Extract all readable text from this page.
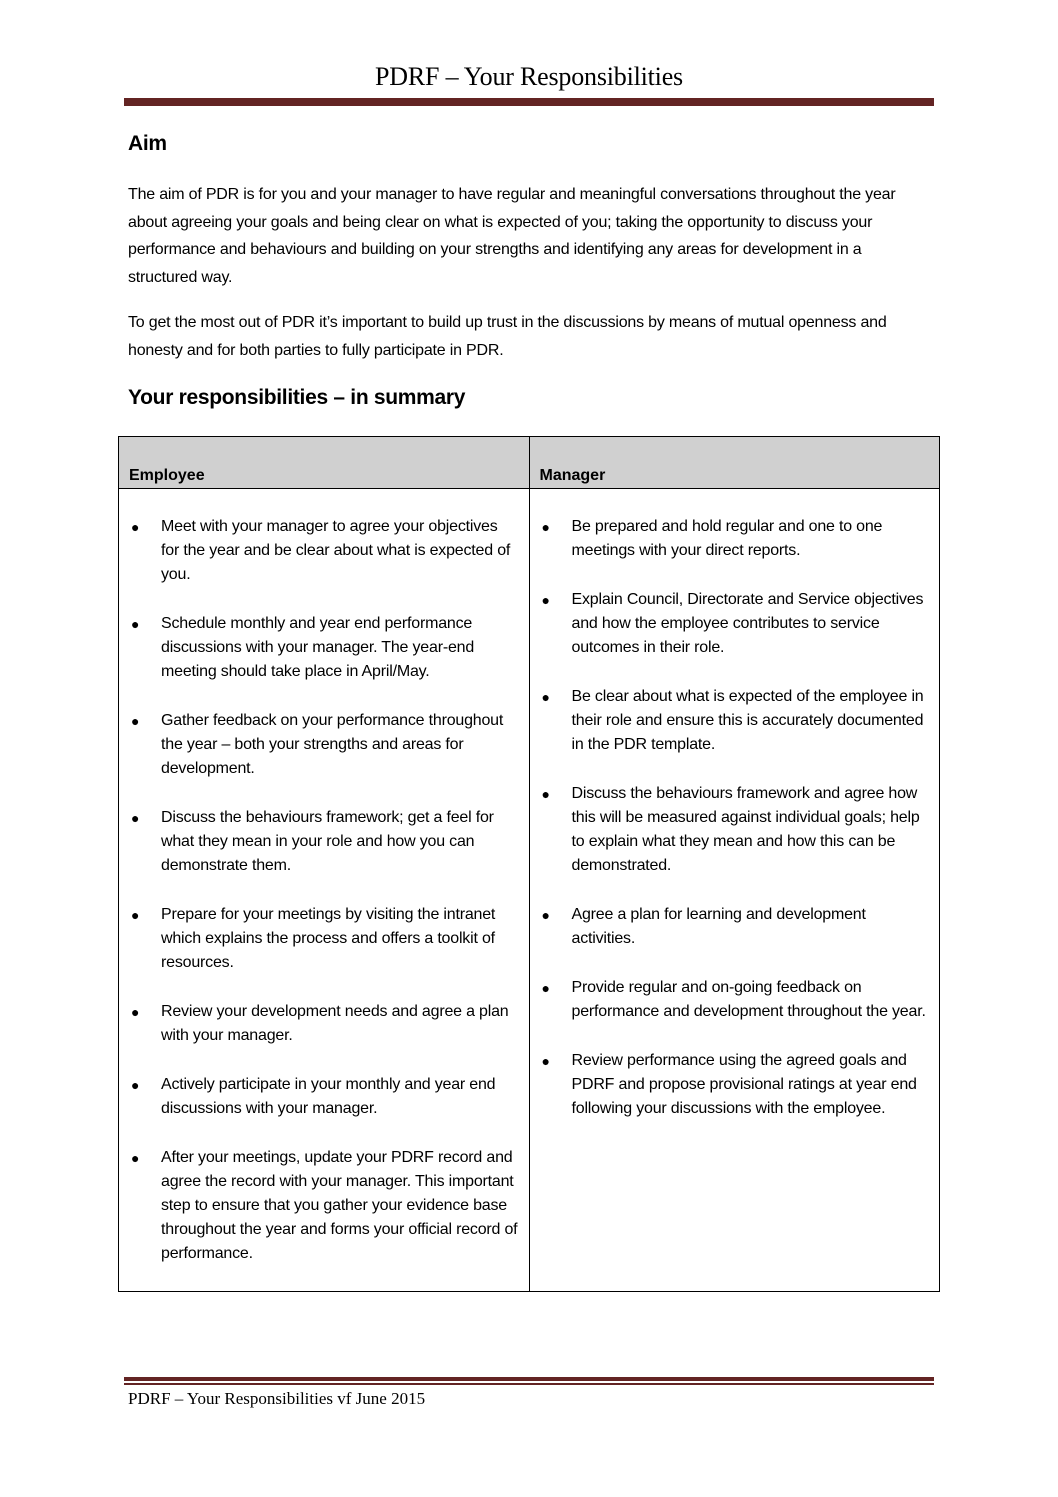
PDRF – Your Responsibilities
Aim
The aim of PDR is for you and your manager to have regular and meaningful conversations throughout the year about agreeing your goals and being clear on what is expected of you; taking the opportunity to discuss your performance and behaviours and building on your strengths and identifying any areas for development in a structured way.
To get the most out of PDR it’s important to build up trust in the discussions by means of mutual openness and honesty and for both parties to fully participate in PDR.
Your responsibilities – in summary
Employee	Manager

● Meet with your manager to agree your objectives for the year and be clear about what is expected of you.
● Schedule monthly and year end performance discussions with your manager. The year-end meeting should take place in April/May.
● Gather feedback on your performance throughout the year – both your strengths and areas for development.
● Discuss the behaviours framework; get a feel for what they mean in your role and how you can demonstrate them.
● Prepare for your meetings by visiting the intranet which explains the process and offers a toolkit of resources.
● Review your development needs and agree a plan with your manager.
● Actively participate in your monthly and year end discussions with your manager.
● After your meetings, update your PDRF record and agree the record with your manager. This important step to ensure that you gather your evidence base throughout the year and forms your official record of performance.

● Be prepared and hold regular and one to one meetings with your direct reports.
● Explain Council, Directorate and Service objectives and how the employee contributes to service outcomes in their role.
● Be clear about what is expected of the employee in their role and ensure this is accurately documented in the PDR template.
● Discuss the behaviours framework and agree how this will be measured against individual goals; help to explain what they mean and how this can be demonstrated.
● Agree a plan for learning and development activities.
● Provide regular and on-going feedback on performance and development throughout the year.
● Review performance using the agreed goals and PDRF and propose provisional ratings at year end following your discussions with the employee.
PDRF – Your Responsibilities vf June 2015
